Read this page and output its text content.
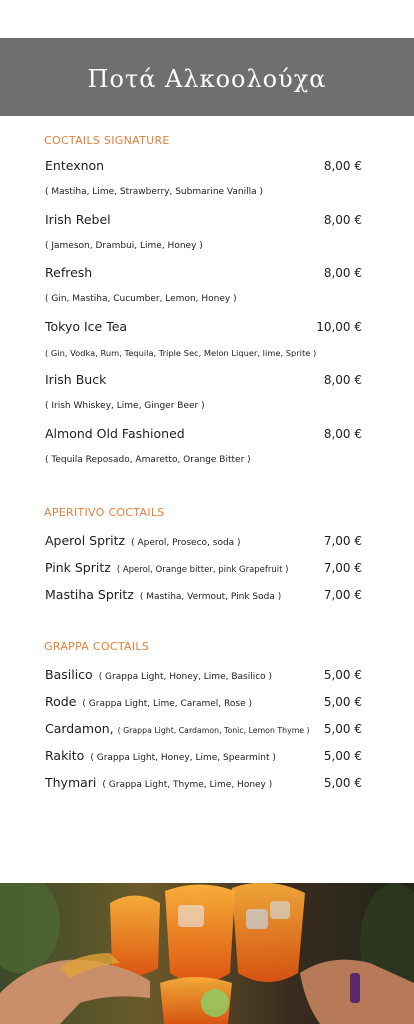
Ποτά Αλκοολούχα
COCTAILS SIGNATURE
Entexnon	8,00 €
( Mastiha, Lime, Strawberry, Submarine Vanilla )
Irish Rebel	8,00 €
( Jameson, Drambui, Lime, Honey )
Refresh	8,00 €
( Gin, Mastiha, Cucumber, Lemon, Honey )
Tokyo Ice Tea	10,00 €
( Gin, Vodka, Rum, Tequila, Triple Sec, Melon Liquer, lime, Sprite )
Irish Buck	8,00 €
( Irish Whiskey, Lime, Ginger Beer )
Almond Old Fashioned	8,00 €
( Tequila Reposado, Amaretto, Orange Bitter )
APERITIVO COCTAILS
Aperol Spritz ( Aperol, Proseco, soda )	7,00 €
Pink Spritz ( Aperol, Orange bitter, pink Grapefruit )	7,00 €
Mastiha Spritz ( Mastiha, Vermout, Pink Soda )	7,00 €
GRAPPA COCTAILS
Basilico ( Grappa Light, Honey, Lime, Basilico )	5,00 €
Rode ( Grappa Light, Lime, Caramel, Rose )	5,00 €
Cardamon, ( Grappa Light, Cardamon, Tonic, Lemon Thyme ) 5,00 €
Rakito ( Grappa Light, Honey, Lime, Spearmint )	5,00 €
Thymari ( Grappa Light, Thyme, Lime, Honey )	5,00 €
